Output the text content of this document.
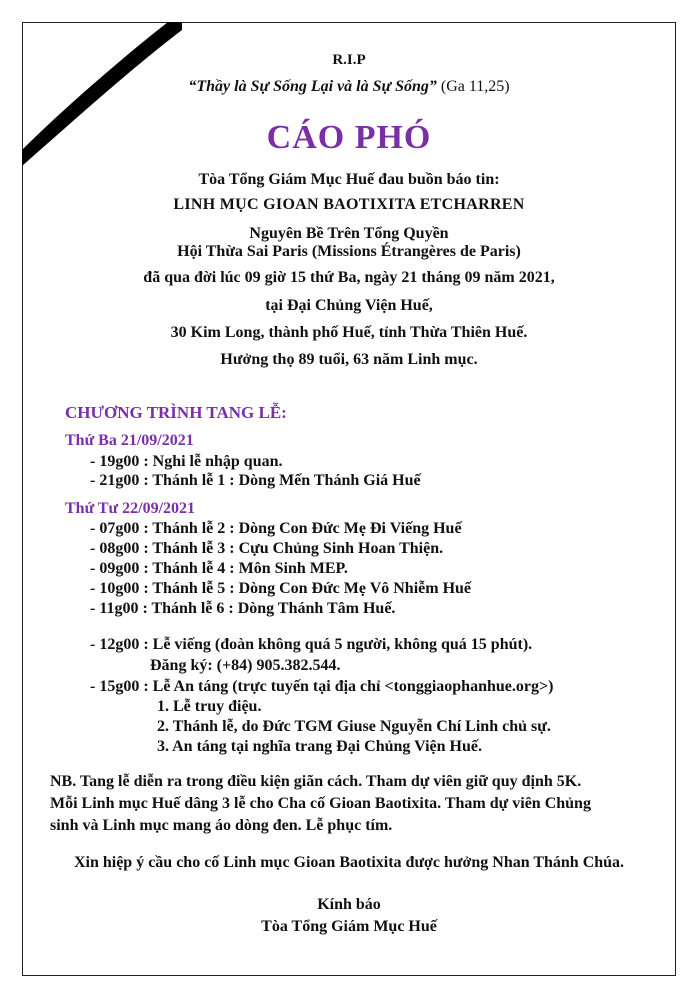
R.I.P
“Thầy là Sự Sống Lại và là Sự Sống” (Ga 11,25)
CÁO PHÓ
Tòa Tổng Giám Mục Huế đau buồn báo tin:
LINH MỤC GIOAN BAOTIXITA ETCHARREN
Nguyên Bề Trên Tổng Quyền
Hội Thừa Sai Paris (Missions Étrangères de Paris)
đã qua đời lúc 09 giờ 15 thứ Ba, ngày 21 tháng 09 năm 2021,
tại Đại Chủng Viện Huế,
30 Kim Long, thành phố Huế, tỉnh Thừa Thiên Huế.
Hưởng thọ 89 tuổi, 63 năm Linh mục.
CHƯƠNG TRÌNH TANG LỄ:
Thứ Ba 21/09/2021
- 19g00 : Nghi lễ nhập quan.
- 21g00 : Thánh lễ 1 : Dòng Mến Thánh Giá Huế
Thứ Tư 22/09/2021
- 07g00 : Thánh lễ 2 : Dòng Con Đức Mẹ Đi Viếng Huế
- 08g00 : Thánh lễ 3 : Cựu Chủng Sinh Hoan Thiện.
- 09g00 : Thánh lễ 4 : Môn Sinh MEP.
- 10g00 : Thánh lễ 5 : Dòng Con Đức Mẹ Vô Nhiễm Huế
- 11g00 : Thánh lễ 6 : Dòng Thánh Tâm Huế.
- 12g00 : Lễ viếng (đoàn không quá 5 người, không quá 15 phút).
Đăng ký: (+84) 905.382.544.
- 15g00 : Lễ An táng (trực tuyến tại địa chỉ <tonggiaophanhue.org>)
1. Lễ truy điệu.
2. Thánh lễ, do Đức TGM Giuse Nguyễn Chí Linh chủ sự.
3. An táng tại nghĩa trang Đại Chủng Viện Huế.
NB. Tang lễ diễn ra trong điều kiện giãn cách. Tham dự viên giữ quy định 5K.
Mỗi Linh mục Huế dâng 3 lễ cho Cha cố Gioan Baotixita. Tham dự viên Chủng
sinh và Linh mục mang áo dòng đen. Lễ phục tím.
Xin hiệp ý cầu cho cố Linh mục Gioan Baotixita được hưởng Nhan Thánh Chúa.
Kính báo
Tòa Tổng Giám Mục Huế
